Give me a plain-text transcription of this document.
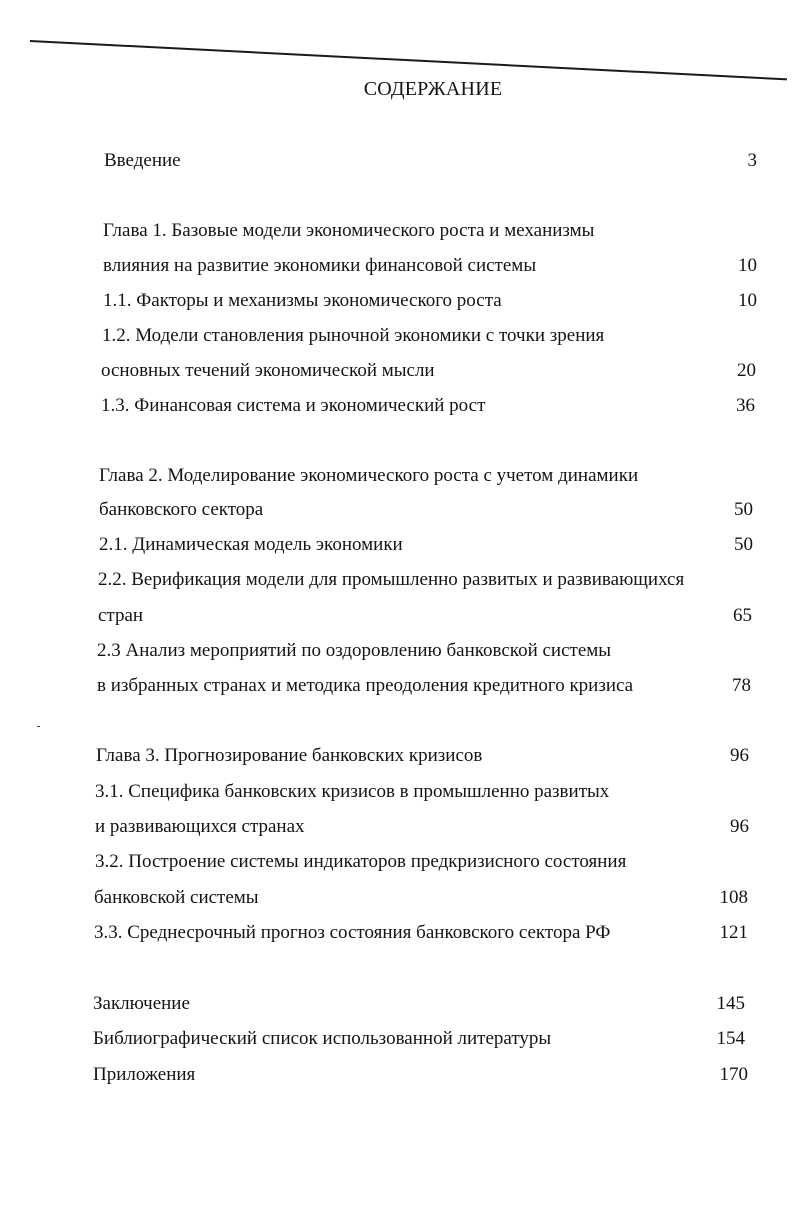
СОДЕРЖАНИЕ
Введение	3
Глава 1. Базовые модели экономического роста и механизмы
влияния на развитие экономики финансовой системы	10
1.1. Факторы и механизмы экономического роста	10
1.2. Модели становления рыночной экономики с точки зрения
основных течений экономической мысли	20
1.3. Финансовая система и экономический рост	36
Глава 2. Моделирование экономического роста с учетом динамики
банковского сектора	50
2.1. Динамическая модель экономики	50
2.2. Верификация модели для промышленно развитых и развивающихся
стран	65
2.3 Анализ мероприятий по оздоровлению банковской системы
в избранных странах и методика преодоления кредитного кризиса	78
Глава 3. Прогнозирование банковских кризисов	96
3.1. Специфика банковских кризисов в промышленно развитых
и развивающихся странах	96
3.2. Построение системы индикаторов предкризисного состояния
банковской системы	108
3.3. Среднесрочный прогноз состояния банковского сектора РФ	121
Заключение	145
Библиографический список использованной литературы	154
Приложения	170
